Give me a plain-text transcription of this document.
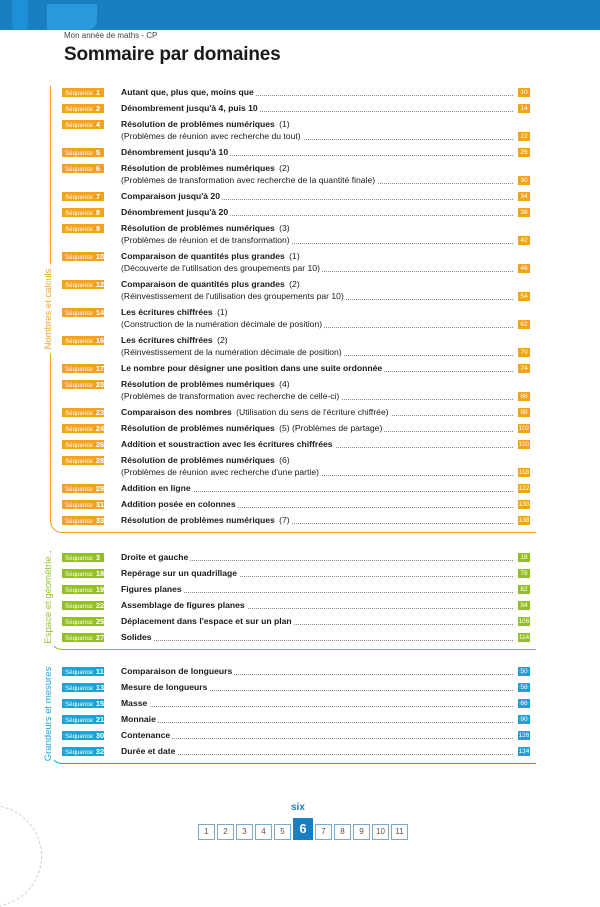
Mon année de maths - CP
Sommaire par domaines
Nombres et calculs
Séquence 1	Autant que, plus que, moins que	10
Séquence 2	Dénombrement jusqu'à 4, puis 10	14
Séquence 4	Résolution de problèmes numériques (1)
(Problèmes de réunion avec recherche du tout)	22
Séquence 5	Dénombrement jusqu'à 10	26
Séquence 6	Résolution de problèmes numériques (2)
(Problèmes de transformation avec recherche de la quantité finale)	30
Séquence 7	Comparaison jusqu'à 20	34
Séquence 8	Dénombrement jusqu'à 20	38
Séquence 9	Résolution de problèmes numériques (3)
(Problèmes de réunion et de transformation)	42
Séquence 10 Comparaison de quantités plus grandes (1)
(Découverte de l'utilisation des groupements par 10)	46
Séquence 12 Comparaison de quantités plus grandes (2)
(Réinvestissement de l'utilisation des groupements par 10)	54
Séquence 14 Les écritures chiffrées (1)
(Construction de la numération décimale de position)	62
Séquence 16 Les écritures chiffrées (2)
(Réinvestissement de la numération décimale de position)	70
Séquence 17 Le nombre pour désigner une position dans une suite ordonnée	74
Séquence 20 Résolution de problèmes numériques (4)
(Problèmes de transformation avec recherche de celle-ci)	86
Séquence 23 Comparaison des nombres (Utilisation du sens de l'écriture chiffrée)	98
Séquence 24 Résolution de problèmes numériques (5) (Problèmes de partage)	102
Séquence 26 Addition et soustraction avec les écritures chiffrées	110
Séquence 28 Résolution de problèmes numériques (6)
(Problèmes de réunion avec recherche d'une partie)	118
Séquence 29 Addition en ligne	122
Séquence 31 Addition posée en colonnes	130
Séquence 33 Résolution de problèmes numériques (7)	138
Espace et géométrie	Séquence 3	Droite et gauche	18
Séquence 18 Repérage sur un quadrillage	78
Séquence 19 Figures planes	82
Séquence 22 Assemblage de figures planes	94
Séquence 25 Déplacement dans l'espace et sur un plan	106
Séquence 27 Solides	114
Grandeurs et mesures	Séquence 11 Comparaison de longueurs	50
Séquence 13 Mesure de longueurs	58
Séquence 15 Masse	66
Séquence 21 Monnaie	90
Séquence 30 Contenance	126
Séquence 32 Durée et date	134
six
1 2 3 4 5 6 7 8 9 10 11
